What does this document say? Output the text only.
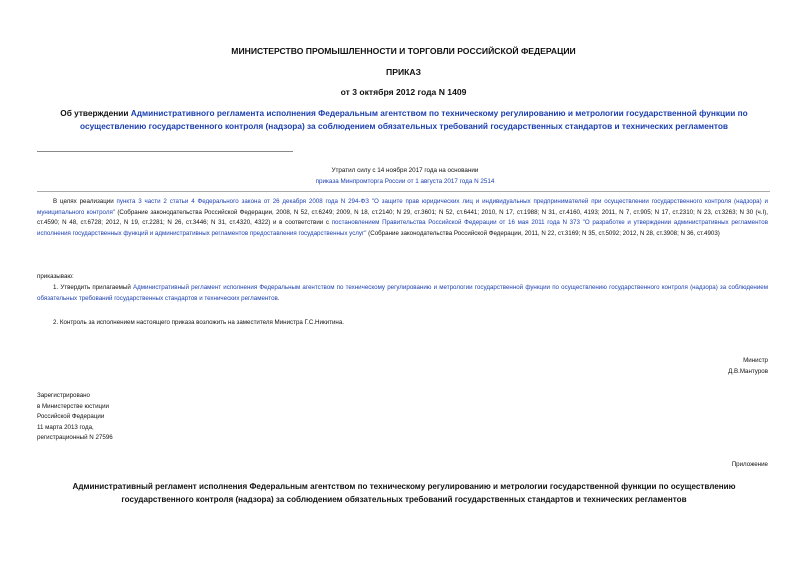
МИНИСТЕРСТВО ПРОМЫШЛЕННОСТИ И ТОРГОВЛИ РОССИЙСКОЙ ФЕДЕРАЦИИ
ПРИКАЗ
от 3 октября 2012 года N 1409
Об утверждении Административного регламента исполнения Федеральным агентством по техническому регулированию и метрологии государственной функции по осуществлению государственного контроля (надзора) за соблюдением обязательных требований государственных стандартов и технических регламентов
Утратил силу с 14 ноября 2017 года на основании
приказа Минпромторга России от 1 августа 2017 года N 2514
В целях реализации пункта 3 части 2 статьи 4 Федерального закона от 26 декабря 2008 года N 294-ФЗ "О защите прав юридических лиц и индивидуальных предпринимателей при осуществлении государственного контроля (надзора) и муниципального контроля" (Собрание законодательства Российской Федерации, 2008, N 52, ст.6249; 2009, N 18, ст.2140; N 29, ст.3601; N 52, ст.6441; 2010, N 17, ст.1988; N 31, ст.4160, 4193; 2011, N 7, ст.905; N 17, ст.2310; N 23, ст.3263; N 30 (ч.I), ст.4590; N 48, ст.6728; 2012, N 19, ст.2281; N 26, ст.3446; N 31, ст.4320, 4322) и в соответствии с постановлением Правительства Российской Федерации от 16 мая 2011 года N 373 "О разработке и утверждении административных регламентов исполнения государственных функций и административных регламентов предоставления государственных услуг" (Собрание законодательства Российской Федерации, 2011, N 22, ст.3169; N 35, ст.5092; 2012, N 28, ст.3908; N 36, ст.4903)
приказываю:
1. Утвердить прилагаемый Административный регламент исполнения Федеральным агентством по техническому регулированию и метрологии государственной функции по осуществлению государственного контроля (надзора) за соблюдением обязательных требований государственных стандартов и технических регламентов.
2. Контроль за исполнением настоящего приказа возложить на заместителя Министра Г.С.Никитина.
Министр
Д.В.Мантуров
Зарегистрировано
в Министерстве юстиции
Российской Федерации
11 марта 2013 года,
регистрационный N 27596
Приложение
Административный регламент исполнения Федеральным агентством по техническому регулированию и метрологии государственной функции по осуществлению государственного контроля (надзора) за соблюдением обязательных требований государственных стандартов и технических регламентов
